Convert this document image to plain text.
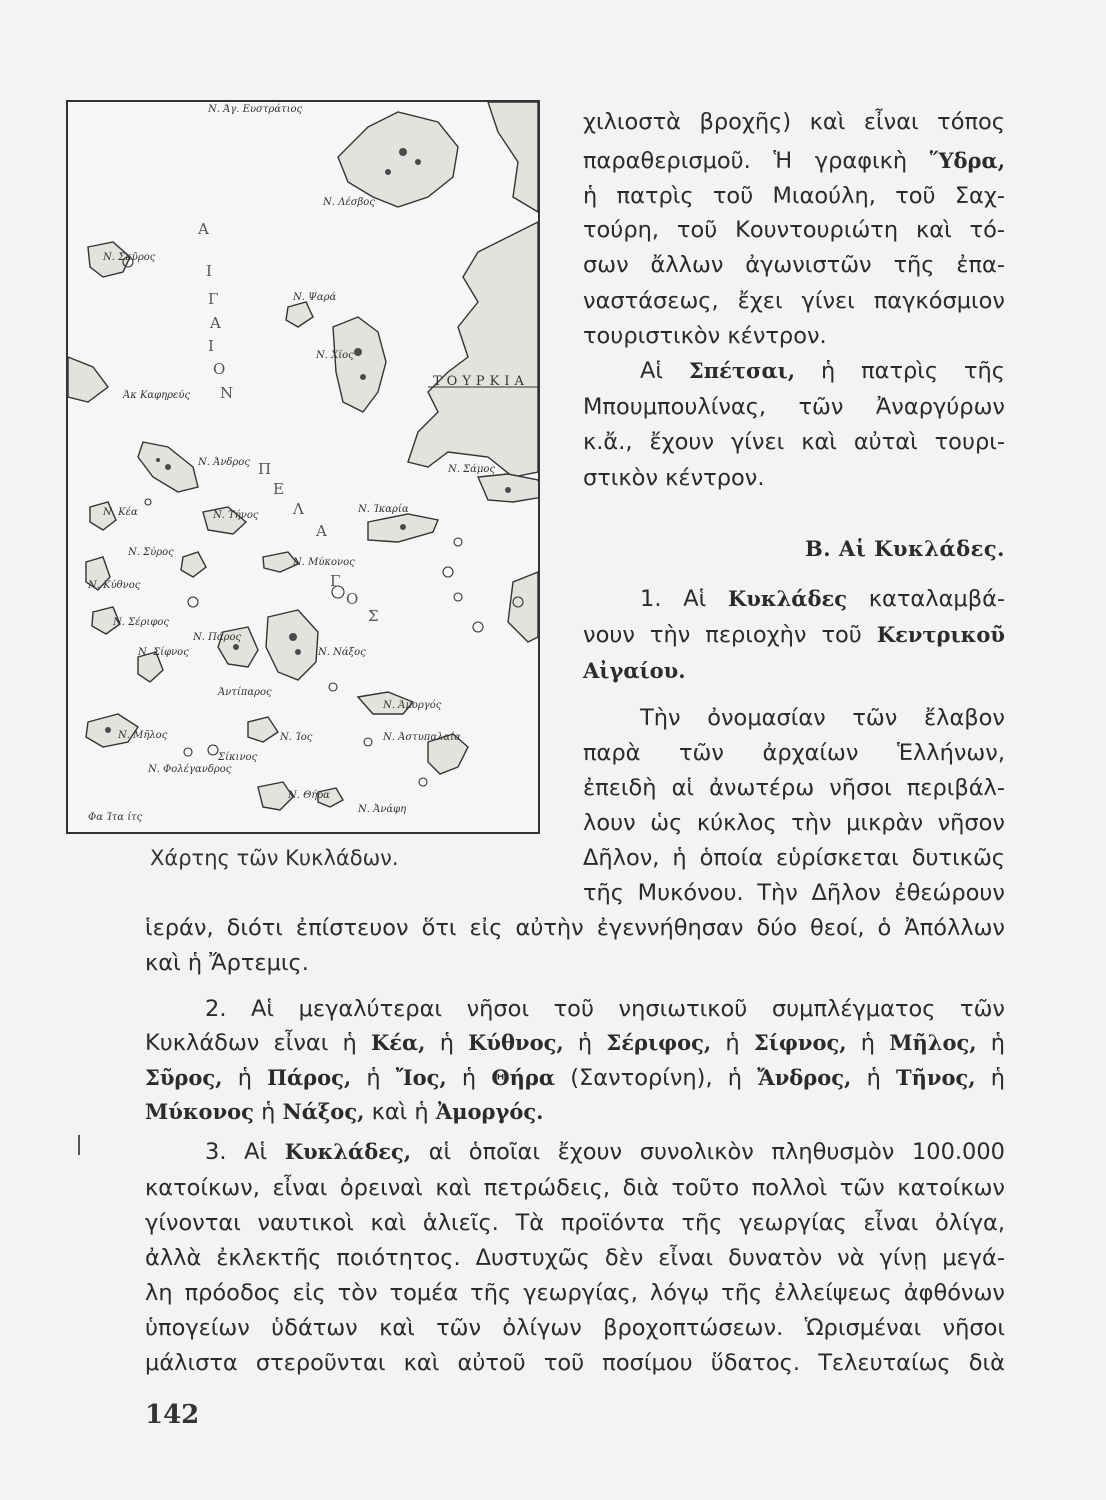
Ν. Άγ. Ευστράτιος
Ν. Λέσβος
Ν. Σκῦρος
Ν. Ψαρά
Ν. Χίος
Άκ Καφηρεύς
Ν. Άνδρος
Ν. Σάμος
Ν. Ίκαρία
Ν. Κέα	Ν. Τήνος
Ν. Σύρος
Ν. Μύκονος
Ν. Κύθνος
Ν. Σέριφος
Ν. Πάρος
Ν. Σίφνος	Ν. Νάξος
Άντίπαρος
Ν. Άμοργός
Ν. Μῆλος	Ν. Ίος	Ν. Άστυπαλαία
Σίκινος
Ν. Φολέγανδρος
Ν. Θήρα
Ν. Ἀνάφη
Φα Ίτα ίτς
ΤΟΥΡΚΙΑ
Α
Ι
Γ
Α
Ι
Ο
Ν
Π
Ε
Λ
Α
Γ
Ο
Σ
Χάρτης τῶν Κυκλάδων.
χιλιοστὰ βροχῆς) καὶ εἶναι τόπος
παραθερισμοῦ. Ἡ γραφικὴ Ὕδρα,
ἡ πατρὶς τοῦ Μιαούλη, τοῦ Σαχ-
τούρη, τοῦ Κουντουριώτη καὶ τό-
σων ἄλλων ἀγωνιστῶν τῆς ἐπα-
ναστάσεως, ἔχει γίνει παγκόσμιον
τουριστικὸν κέντρον.
Αἱ Σπέτσαι, ἡ πατρὶς τῆς
Μπουμπουλίνας, τῶν Ἀναργύρων
κ.ἄ., ἔχουν γίνει καὶ αὐταὶ τουρι-
στικὸν κέντρον.
Β. Αἱ Κυκλάδες.
1. Αἱ Κυκλάδες καταλαμβά-
νουν τὴν περιοχὴν τοῦ Κεντρικοῦ
Αἰγαίου.
Τὴν ὀνομασίαν τῶν ἔλαβον
παρὰ τῶν ἀρχαίων Ἑλλήνων,
ἐπειδὴ αἱ ἀνωτέρω νῆσοι περιβάλ-
λουν ὡς κύκλος τὴν μικρὰν νῆσον
Δῆλον, ἡ ὁποία εὑρίσκεται δυτικῶς
τῆς Μυκόνου. Τὴν Δῆλον ἐθεώρουν
ἱεράν, διότι ἐπίστευον ὅτι εἰς αὐτὴν ἐγεννήθησαν δύο θεοί, ὁ Ἀπόλλων
καὶ ἡ Ἄρτεμις.
2. Αἱ μεγαλύτεραι νῆσοι τοῦ νησιωτικοῦ συμπλέγματος τῶν
Κυκλάδων εἶναι ἡ Κέα, ἡ Κύθνος, ἡ Σέριφος, ἡ Σίφνος, ἡ Μῆλος, ἡ
Σῦρος, ἡ Πάρος, ἡ Ἴος, ἡ Θήρα (Σαντορίνη), ἡ Ἄνδρος, ἡ Τῆνος, ἡ
Μύκονος ἡ Νάξος, καὶ ἡ Ἀμοργός.
3. Αἱ Κυκλάδες, αἱ ὁποῖαι ἔχουν συνολικὸν πληθυσμὸν 100.000
κατοίκων, εἶναι ὀρειναὶ καὶ πετρώδεις, διὰ τοῦτο πολλοὶ τῶν κατοίκων
γίνονται ναυτικοὶ καὶ ἁλιεῖς. Τὰ προϊόντα τῆς γεωργίας εἶναι ὀλίγα,
ἀλλὰ ἐκλεκτῆς ποιότητος. Δυστυχῶς δὲν εἶναι δυνατὸν νὰ γίνῃ μεγά-
λη πρόοδος εἰς τὸν τομέα τῆς γεωργίας, λόγῳ τῆς ἐλλείψεως ἀφθόνων
ὑπογείων ὑδάτων καὶ τῶν ὀλίγων βροχοπτώσεων. Ὡρισμέναι νῆσοι
μάλιστα στεροῦνται καὶ αὐτοῦ τοῦ ποσίμου ὕδατος. Τελευταίως διὰ
142
